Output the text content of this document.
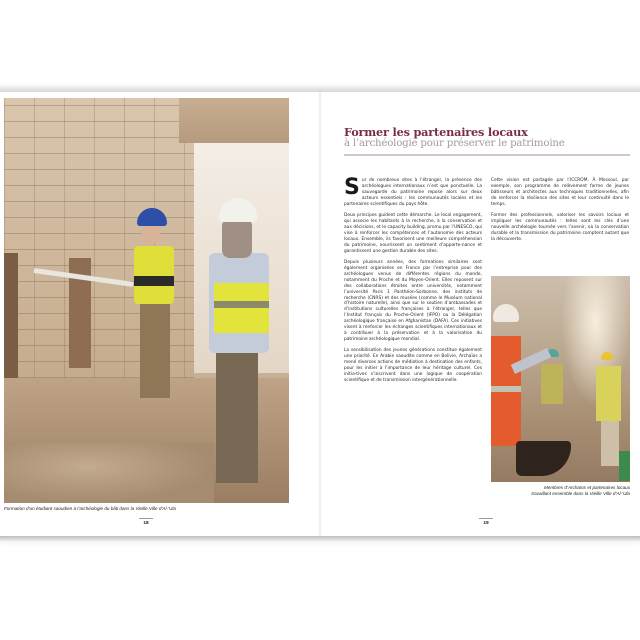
Formation d’un étudiant saoudien à l’archéologie du bâti dans la Vieille Ville d’Al-‘Ula
18
Former les partenaires locaux
à l’archéologie pour préserver le patrimoine

Sur de nombreux sites à l’étranger, la présence des archéologues internationaux n’est que ponctuelle. La sauvegarde du patrimoine repose alors sur deux acteurs essentiels : les communautés locales et les partenaires scientifiques du pays hôte.

Deux principes guident cette démarche. Le local engagement, qui associe les habitants à la recherche, à la conservation et aux décisions, et le capacity building, promu par l’UNESCO, qui vise à renforcer les compétences et l’autonomie des acteurs locaux. Ensemble, ils favorisent une meilleure compréhension du patrimoine, nourrissent un sentiment d’apparte-nance et garantissent une gestion durable des sites.

Depuis plusieurs années, des formations similaires sont également organisées en France par l’entreprise pour des archéologues venus de différentes régions du monde, notamment du Proche et du Moyen-Orient. Elles reposent sur des collaborations étroites entre universités, notamment l’université Paris 1 Panthéon-Sorbonne, des instituts de recherche (CNRS) et des musées (comme le Muséum national d’histoire naturelle), ainsi que sur le soutien d’ambassades et d’institutions culturelles françaises à l’étranger, telles que l’Institut français du Proche-Orient (IFPO) ou la Délégation archéologique française en Afghanistan (DAFA). Ces initiatives visent à renforcer les échanges scientifiques internationaux et à contribuer à la préservation et à la valorisation du patrimoine archéologique mondial.

La sensibilisation des jeunes générations constitue également une priorité. En Arabie saoudite comme en Bolivie, Archaïos a mené diverses actions de médiation à destination des enfants, pour les initier à l’importance de leur héritage culturel. Ces initia-tives s’inscrivent dans une logique de coopération scientifique et de transmission intergénérationnelle.

Cette vision est partagée par l’ICCROM. À Mossoul, par exemple, son programme de relèvement forme de jeunes bâtisseurs et architectes aux techniques traditionnelles, afin de renforcer la résilience des sites et leur continuité dans le temps.

Former des professionnels, valoriser les savoirs locaux et impliquer les communautés : telles sont les clés d’une nouvelle archéologie tournée vers l’avenir, où la conservation durable et la transmission du patrimoine comptent autant que la découverte.

Membres d’Archaïos et partenaires locaux
travaillant ensemble dans la Vieille Ville d’Al-‘Ula
19
